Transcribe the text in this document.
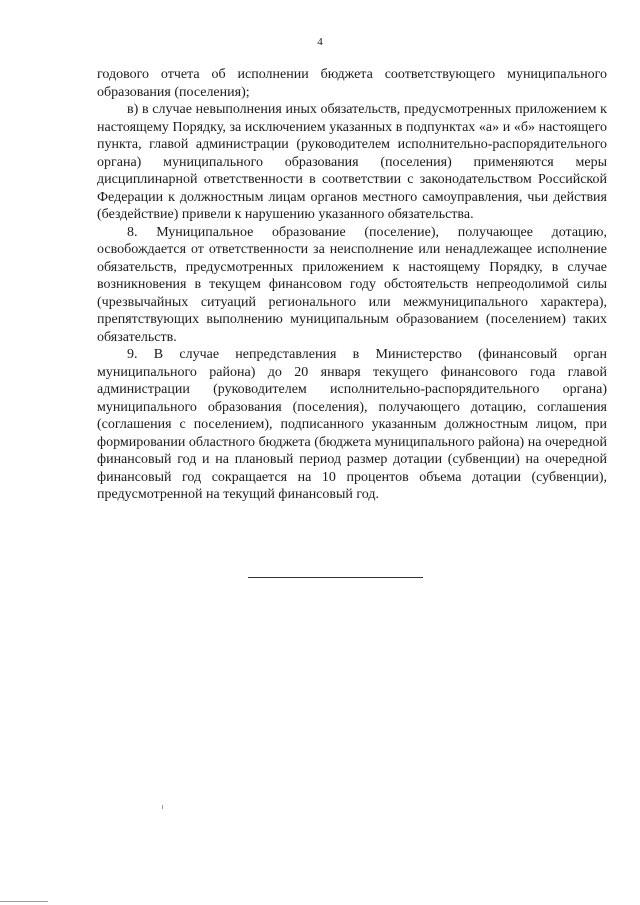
4

годового отчета об исполнении бюджета соответствующего муниципального образования (поселения);

в) в случае невыполнения иных обязательств, предусмотренных приложением к настоящему Порядку, за исключением указанных в подпунктах «а» и «б» настоящего пункта, главой администрации (руководителем исполнительно-распорядительного органа) муниципального образования (поселения) применяются меры дисциплинарной ответственности в соответствии с законодательством Российской Федерации к должностным лицам органов местного самоуправления, чьи действия (бездействие) привели к нарушению указанного обязательства.

8. Муниципальное образование (поселение), получающее дотацию, освобождается от ответственности за неисполнение или ненадлежащее исполнение обязательств, предусмотренных приложением к настоящему Порядку, в случае возникновения в текущем финансовом году обстоятельств непреодолимой силы (чрезвычайных ситуаций регионального или межмуниципального характера), препятствующих выполнению муниципальным образованием (поселением) таких обязательств.

9. В случае непредставления в Министерство (финансовый орган муниципального района) до 20 января текущего финансового года главой администрации (руководителем исполнительно-распорядительного органа) муниципального образования (поселения), получающего дотацию, соглашения (соглашения с поселением), подписанного указанным должностным лицом, при формировании областного бюджета (бюджета муниципального района) на очередной финансовый год и на плановый период размер дотации (субвенции) на очередной финансовый год сокращается на 10 процентов объема дотации (субвенции), предусмотренной на текущий финансовый год.
